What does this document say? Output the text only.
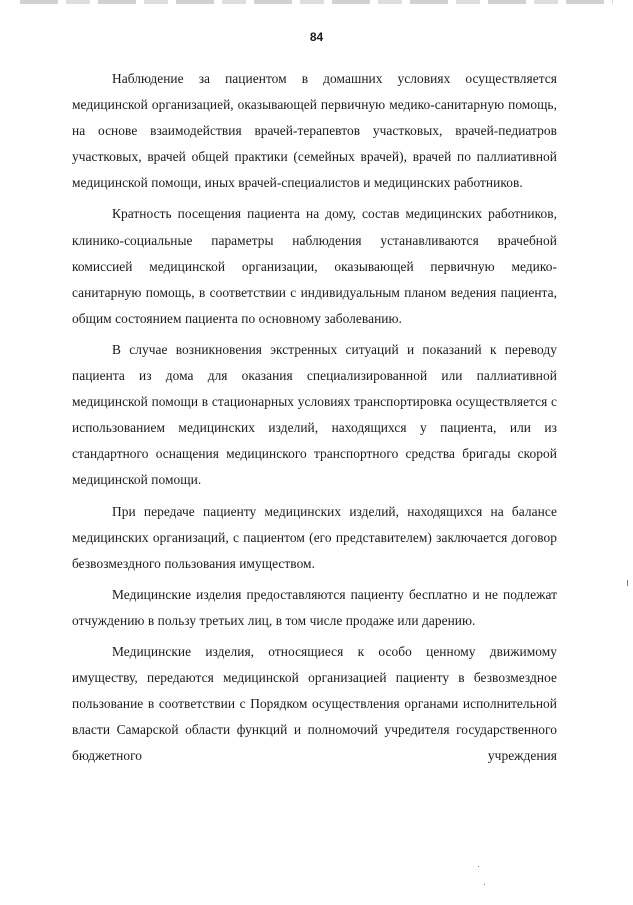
84

Наблюдение за пациентом в домашних условиях осуществляется медицинской организацией, оказывающей первичную медико-санитарную помощь, на основе взаимодействия врачей-терапевтов участковых, врачей-педиатров участковых, врачей общей практики (семейных врачей), врачей по паллиативной медицинской помощи, иных врачей-специалистов и медицинских работников.

Кратность посещения пациента на дому, состав медицинских работников, клинико-социальные параметры наблюдения устанавливаются врачебной комиссией медицинской организации, оказывающей первичную медико-санитарную помощь, в соответствии с индивидуальным планом ведения пациента, общим состоянием пациента по основному заболеванию.

В случае возникновения экстренных ситуаций и показаний к переводу пациента из дома для оказания специализированной или паллиативной медицинской помощи в стационарных условиях транспортировка осуществляется с использованием медицинских изделий, находящихся у пациента, или из стандартного оснащения медицинского транспортного средства бригады скорой медицинской помощи.

При передаче пациенту медицинских изделий, находящихся на балансе медицинских организаций, с пациентом (его представителем) заключается договор безвозмездного пользования имуществом.

Медицинские изделия предоставляются пациенту бесплатно и не подлежат отчуждению в пользу третьих лиц, в том числе продаже или дарению.

Медицинские изделия, относящиеся к особо ценному движимому имуществу, передаются медицинской организацией пациенту в безвозмездное пользование в соответствии с Порядком осуществления органами исполнительной власти Самарской области функций и полномочий учредителя государственного бюджетного учреждения
